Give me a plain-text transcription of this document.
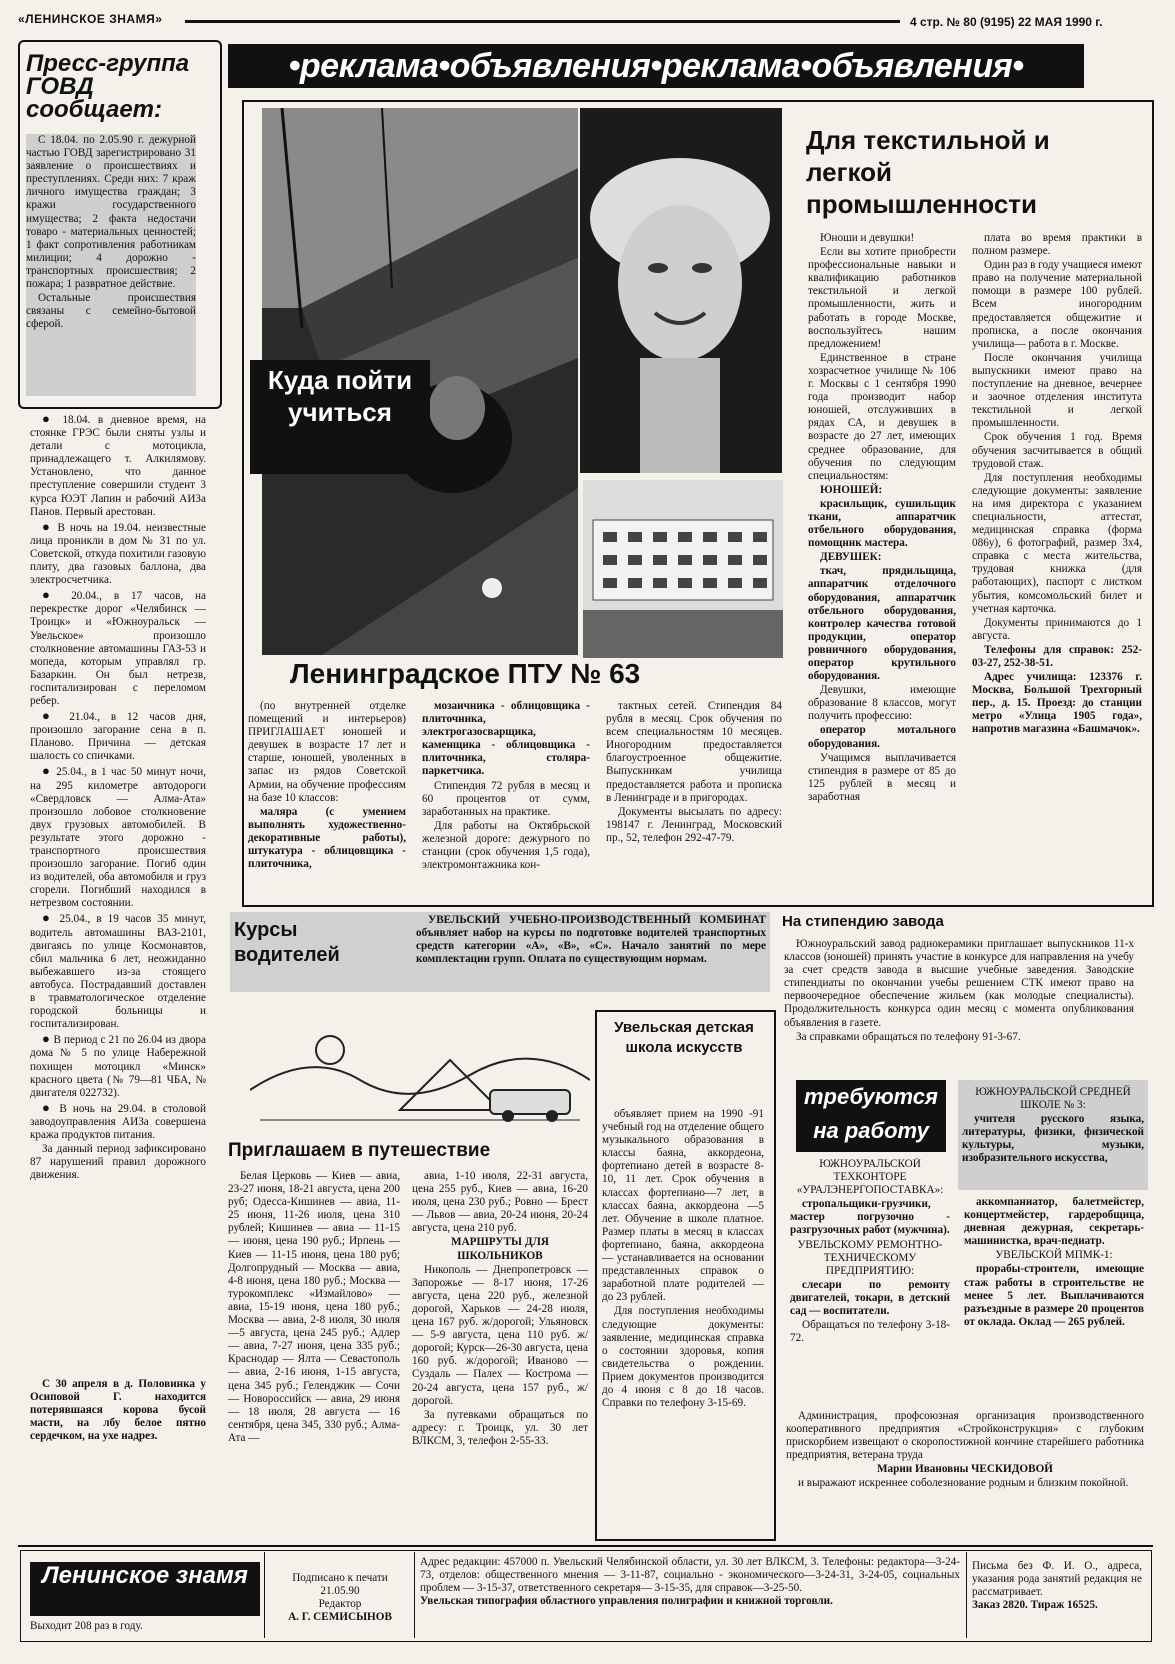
«ЛЕНИНСКОЕ ЗНАМЯ»	4 стр. № 80 (9195) 22 МАЯ 1990 г.
•реклама•объявления•реклама•объявления•
Пресс-группа ГОВД сообщает:

С 18.04. по 2.05.90 г. дежурной частью ГОВД зарегистрировано 31 заявление о происшествиях и преступлениях. Среди них: 7 краж личного имущества граждан; 3 кражи государственного имущества; 2 факта недостачи товаро - материальных ценностей; 1 факт сопротивления работникам милиции; 4 дорожно - транспортных происшествия; 2 пожара; 1 развратное действие.

Остальные происшествия связаны с семейно-бытовой сферой.

● 18.04. в дневное время, на стоянке ГРЭС были сняты узлы и детали с мотоцикла, принадлежащего т. Алкилямову. Установлено, что данное преступление совершили студент 3 курса ЮЭТ Лапин и рабочий АИЗа Панов. Первый арестован.

● В ночь на 19.04. неизвестные лица проникли в дом № 31 по ул. Советской, откуда похитили газовую плиту, два газовых баллона, два электросчетчика.

● 20.04., в 17 часов, на перекрестке дорог «Челябинск — Троицк» и «Южноуральск — Увельское» произошло столкновение автомашины ГАЗ-53 и мопеда, которым управлял гр. Базаркин. Он был нетрезв, госпитализирован с переломом ребер.

● 21.04., в 12 часов дня, произошло загорание сена в п. Планово. Причина — детская шалость со спичками.

● 25.04., в 1 час 50 минут ночи, на 295 километре автодороги «Свердловск — Алма-Ата» произошло лобовое столкновение двух грузовых автомобилей. В результате этого дорожно - транспортного происшествия произошло загорание. Погиб один из водителей, оба автомобиля и груз сгорели. Погибший находился в нетрезвом состоянии.

● 25.04., в 19 часов 35 минут, водитель автомашины ВАЗ-2101, двигаясь по улице Космонавтов, сбил мальчика 6 лет, неожиданно выбежавшего из-за стоящего автобуса. Пострадавший доставлен в травматологическое отделение городской больницы и госпитализирован.

● В период с 21 по 26.04 из двора дома № 5 по улице Набережной похищен мотоцикл «Минск» красного цвета (№ 79—81 ЧБА, № двигателя 022732).

● В ночь на 29.04. в столовой заводоуправления АИЗа совершена кража продуктов питания.

За данный период зафиксировано 87 нарушений правил дорожного движения.

С 30 апреля в д. Половинка у Осиповой Г. находится потерявшаяся корова бусой масти, на лбу белое пятно сердечком, на ухе надрез.

Куда пойти учиться
Для текстильной и легкой промышленности

Юноши и девушки!

Если вы хотите приобрести профессиональные навыки и квалификацию работников текстильной и легкой промышленности, жить и работать в городе Москве, воспользуйтесь нашим предложением!

Единственное в стране хозрасчетное училище № 106 г. Москвы с 1 сентября 1990 года производит набор юношей, отслуживших в рядах СА, и девушек в возрасте до 27 лет, имеющих среднее образование, для обучения по следующим специальностям:

ЮНОШЕЙ:

красильщик, сушильщик ткани, аппаратчик отбельного оборудования, помощник мастера.

ДЕВУШЕК:

ткач, прядильщица, аппаратчик отделочного оборудования, аппаратчик отбельного оборудования, контролер качества готовой продукции, оператор ровничного оборудования, оператор крутильного оборудования.

Девушки, имеющие образование 8 классов, могут получить профессию:

оператор мотального оборудования.

Учащимся выплачивается стипендия в размере от 85 до 125 рублей в месяц и заработная

плата во время практики в полном размере.

Один раз в году учащиеся имеют право на получение материальной помощи в размере 100 рублей. Всем иногородним предоставляется общежитие и прописка, а после окончания училища— работа в г. Москве.

После окончания училища выпускники имеют право на поступление на дневное, вечернее и заочное отделения института текстильной и легкой промышленности.

Срок обучения 1 год. Время обучения засчитывается в общий трудовой стаж.

Для поступления необходимы следующие документы: заявление на имя директора с указанием специальности, аттестат, медицинская справка (форма 086у), 6 фотографий, размер 3х4, справка с места жительства, трудовая книжка (для работающих), паспорт с листком убытия, комсомольский билет и учетная карточка.

Документы принимаются до 1 августа.

Телефоны для справок: 252-03-27, 252-38-51.

Адрес училища: 123376 г. Москва, Большой Трехгорный пер., д. 15. Проезд: до станции метро «Улица 1905 года», напротив магазина «Башмачок».

Ленинградское ПТУ № 63

(по внутренней отделке помещений и интерьеров) ПРИГЛАШАЕТ юношей и девушек в возрасте 17 лет и старше, юношей, уволенных в запас из рядов Советской Армии, на обучение профессиям на базе 10 классов:

маляра (с умением выполнять художественно-декоративные работы), штукатура - облицовщика - плиточника,

мозаичника - облицовщика - плиточника, электрогазосварщика, каменщика - облицовщика - плиточника, столяра- паркетчика.

Стипендия 72 рубля в месяц и 60 процентов от сумм, заработанных на практике.

Для работы на Октябрьской железной дороге: дежурного по станции (срок обучения 1,5 года), электромонтажника кон-

тактных сетей. Стипендия 84 рубля в месяц. Срок обучения по всем специальностям 10 месяцев. Иногородним предоставляется благоустроенное общежитие. Выпускникам училища предоставляется работа и прописка в Ленинграде и в пригородах.

Документы высылать по адресу: 198147 г. Ленинград, Московский пр., 52, телефон 292-47-79.

Курсы водителей

УВЕЛЬСКИЙ УЧЕБНО-ПРОИЗВОДСТВЕННЫЙ КОМБИНАТ объявляет набор на курсы по подготовке водителей транспортных средств категории «А», «В», «С». Начало занятий по мере комплектации групп. Оплата по существующим нормам.

На стипендию завода

Южноуральский завод радиокерамики приглашает выпускников 11-х классов (юношей) принять участие в конкурсе для направления на учебу за счет средств завода в высшие учебные заведения. Заводские стипендиаты по окончании учебы решением СТК имеют право на первоочередное обеспечение жильем (как молодые специалисты). Продолжительность конкурса один месяц с момента опубликования объявления в газете.

За справками обращаться по телефону 91-3-67.

Приглашаем в путешествие

Белая Церковь — Киев — авиа, 23-27 июня, 18-21 августа, цена 200 руб; Одесса-Кишинев — авиа, 11-25 июня, 11-26 июля, цена 310 рублей; Кишинев — авиа — 11-15 — июня, цена 190 руб.; Ирпень — Киев — 11-15 июня, цена 180 руб; Долгопрудный — Москва — авиа, 4-8 июня, цена 180 руб.; Москва — турокомплекс «Измайлово» — авиа, 15-19 июня, цена 180 руб.; Москва — авиа, 2-8 июля, 30 июля—5 августа, цена 245 руб.; Адлер — авиа, 7-27 июня, цена 335 руб.; Краснодар — Ялта — Севастополь — авиа, 2-16 июня, 1-15 августа, цена 345 руб.; Геленджик — Сочи — Новороссийск — авиа, 29 июня — 18 июля, 28 августа — 16 сентября, цена 345, 330 руб.; Алма-Ата —

авиа, 1-10 июля, 22-31 августа, цена 255 руб., Киев — авиа, 16-20 июля, цена 230 руб.; Ровно — Брест — Львов — авиа, 20-24 июня, 20-24 августа, цена 210 руб.

МАРШРУТЫ ДЛЯ ШКОЛЬНИКОВ

Никополь — Днепропетровск — Запорожье — 8-17 июня, 17-26 августа, цена 220 руб., железной дорогой, Харьков — 24-28 июля, цена 167 руб. ж/дорогой; Ульяновск — 5-9 августа, цена 110 руб. ж/дорогой; Курск—26-30 августа, цена 160 руб. ж/дорогой; Иваново — Суздаль — Палех — Кострома — 20-24 августа, цена 157 руб., ж/дорогой.

За путевками обращаться по адресу: г. Троицк, ул. 30 лет ВЛКСМ, 3, телефон 2-55-33.

Увельская детская школа искусств

объявляет прием на 1990 -91 учебный год на отделение общего музыкального образования в классы баяна, аккордеона, фортепиано детей в возрасте 8-10, 11 лет. Срок обучения в классах фортепиано—7 лет, в классах баяна, аккордеона —5 лет. Обучение в школе платное. Размер платы в месяц в классах фортепиано, баяна, аккордеона — устанавливается на основании представленных справок о заработной плате родителей — до 23 рублей.

Для поступления необходимы следующие документы: заявление, медицинская справка о состоянии здоровья, копия свидетельства о рождении. Прием документов производится до 4 июня с 8 до 18 часов. Справки по телефону 3-15-69.

требуются на работу

ЮЖНОУРАЛЬСКОЙ ТЕХКОНТОРЕ «УРАЛЭНЕРГОПОСТАВКА»:

стропальщики-грузчики, мастер погрузочно - разгрузочных работ (мужчина).

УВЕЛЬСКОМУ РЕМОНТНО-ТЕХНИЧЕСКОМУ ПРЕДПРИЯТИЮ:

слесари по ремонту двигателей, токари, в детский сад — воспитатели.

Обращаться по телефону 3-18-72.

ЮЖНОУРАЛЬСКОЙ СРЕДНЕЙ ШКОЛЕ № 3:

учителя русского языка, литературы, физики, физической культуры, музыки, изобразительного искусства,

аккомпаниатор, балетмейстер, концертмейстер, гардеробщица, дневная дежурная, секретарь-машинистка, врач-педиатр.

УВЕЛЬСКОЙ МПМК-1:

прорабы-строители, имеющие стаж работы в строительстве не менее 5 лет. Выплачиваются разъездные в размере 20 процентов от оклада. Оклад — 265 рублей.

Администрация, профсоюзная организация производственного кооперативного предприятия «Стройконструкция» с глубоким прискорбием извещают о скоропостижной кончине старейшего работника предприятия, ветерана труда

Марии Ивановны ЧЕСКИДОВОЙ

и выражают искреннее соболезнование родным и близким покойной.

Ленинское знамя
Выходит 208 раз в году.
Подписано к печати 21.05.90
Редактор
А. Г. СЕМИСЫНОВ
Адрес редакции: 457000 п. Увельский Челябинской области, ул. 30 лет ВЛКСМ, 3. Телефоны: редактора—3-24-73, отделов: общественного мнения — 3-11-87, социально - экономического—3-24-31, 3-24-05, социальных проблем — 3-15-37, ответственного секретаря— 3-15-35, для справок—3-25-50.
Увельская типография областного управления полиграфии и книжной торговли.
Письма без Ф. И. О., адреса, указания рода занятий редакция не рассматривает.
Заказ 2820. Тираж 16525.
